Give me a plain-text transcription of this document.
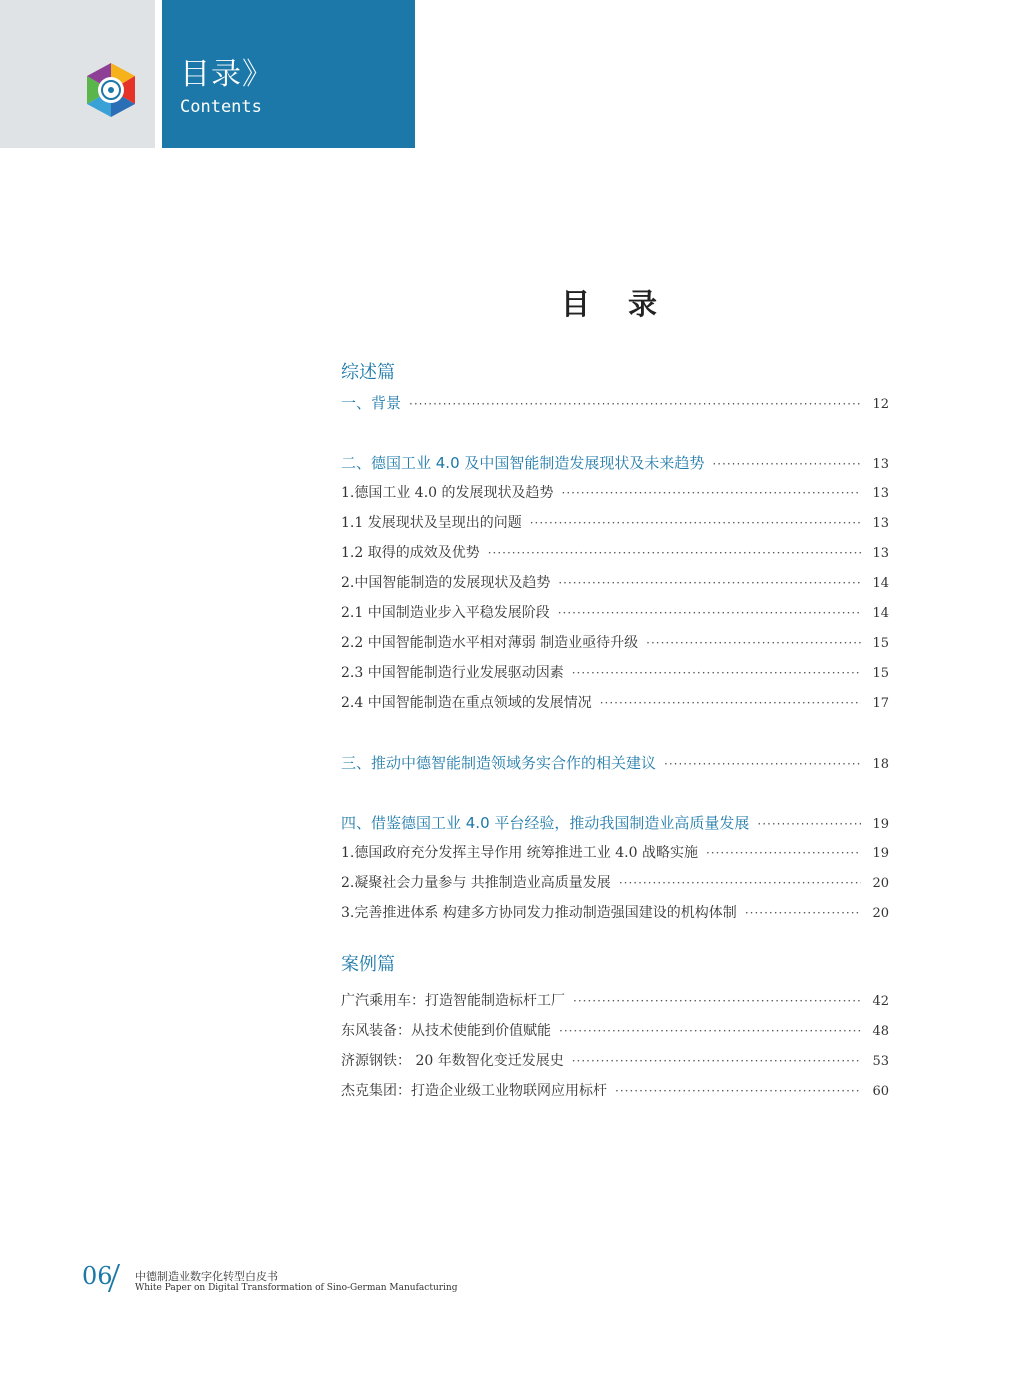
目录》
Contents
目 录
综述篇
一、背景 ·····	12
二、德国工业 4.0 及中国智能制造发展现状及未来趋势 ·····	13
1.德国工业 4.0 的发展现状及趋势 ·····	13
1.1 发展现状及呈现出的问题 ·····	13
1.2 取得的成效及优势 ·····	13
2.中国智能制造的发展现状及趋势 ·····	14
2.1 中国制造业步入平稳发展阶段 ·····	14
2.2 中国智能制造水平相对薄弱 制造业亟待升级 ·····	15
2.3 中国智能制造行业发展驱动因素 ·····	15
2.4 中国智能制造在重点领域的发展情况 ·····	17
三、推动中德智能制造领域务实合作的相关建议 ·····	18
四、借鉴德国工业 4.0 平台经验，推动我国制造业高质量发展 ·····	19
1.德国政府充分发挥主导作用 统筹推进工业 4.0 战略实施 ·····	19
2.凝聚社会力量参与 共推制造业高质量发展 ·····	20
3.完善推进体系 构建多方协同发力推动制造强国建设的机构体制 ·····	20
案例篇
广汽乘用车：打造智能制造标杆工厂 ·····	42
东风装备：从技术使能到价值赋能 ·····	48
济源钢铁： 20 年数智化变迁发展史 ·····	53
杰克集团：打造企业级工业物联网应用标杆 ·····	60
06 中德制造业数字化转型白皮书
White Paper on Digital Transformation of Sino-German Manufacturing
